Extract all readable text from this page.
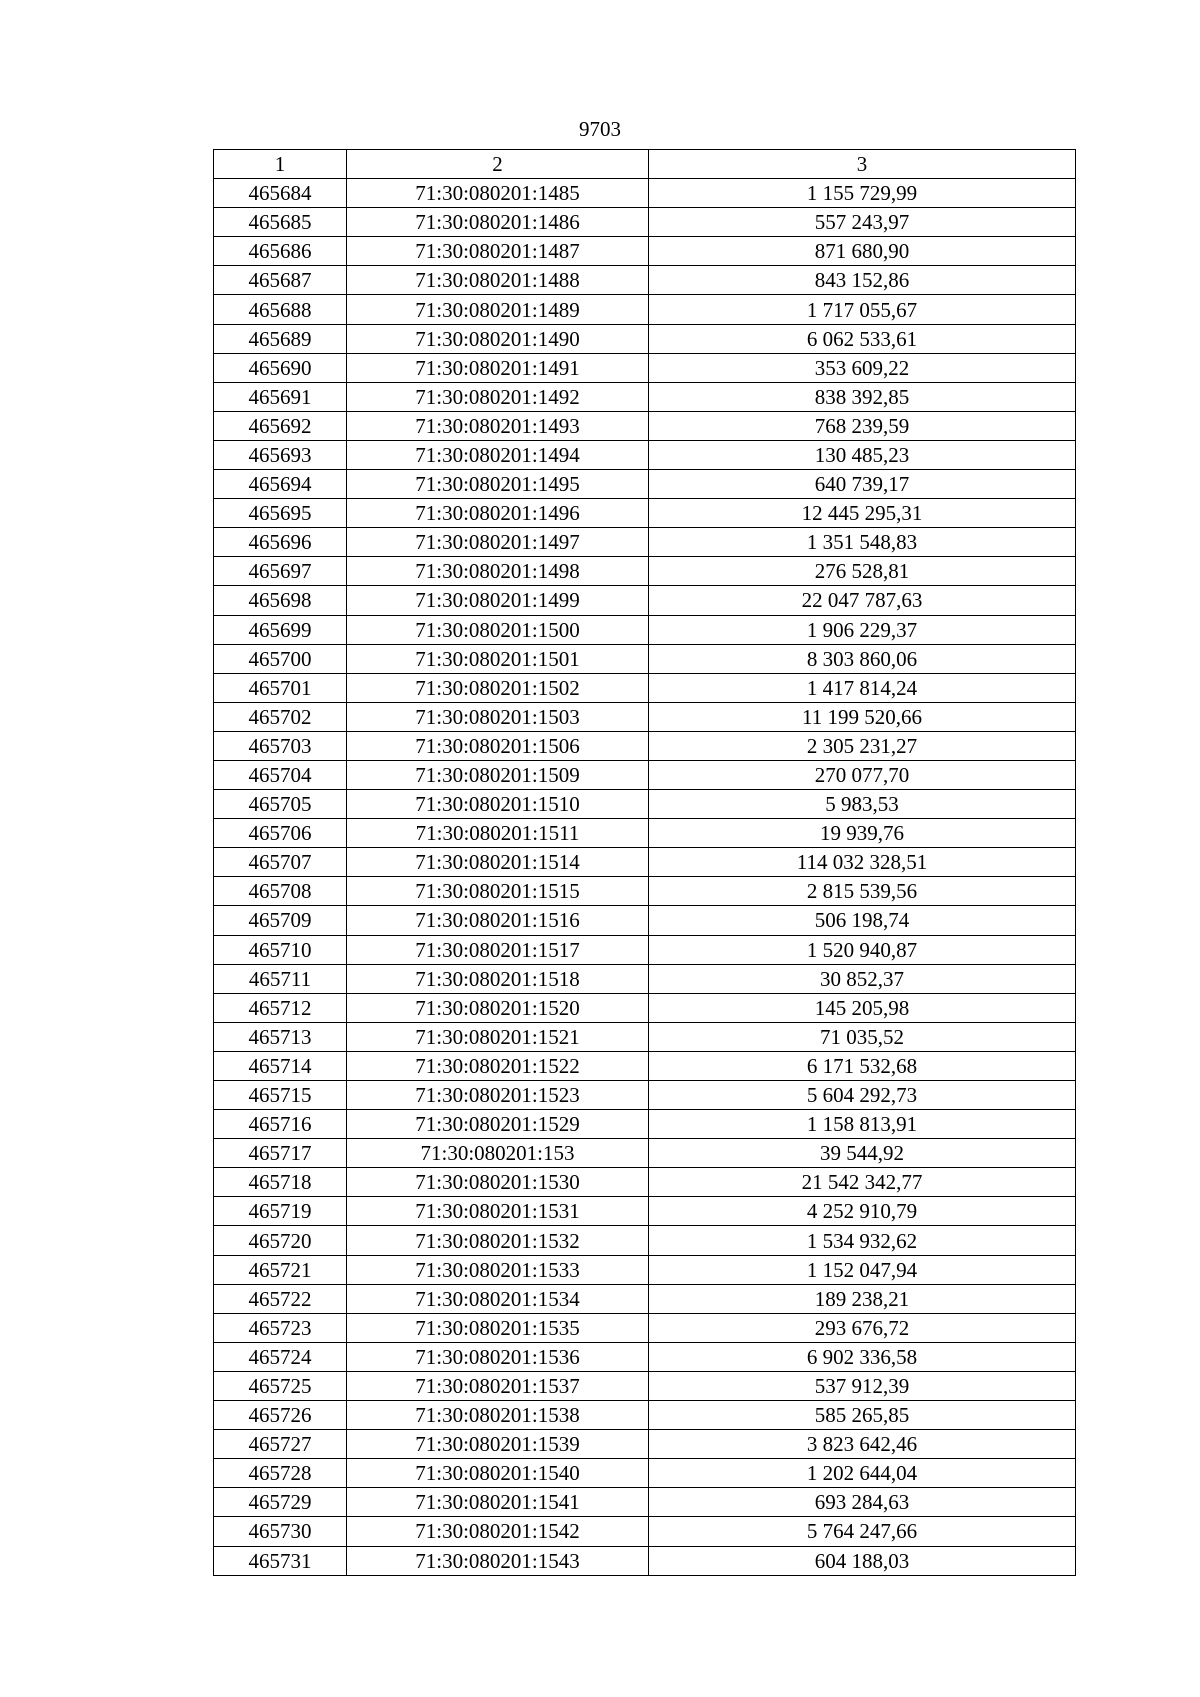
9703
1	2	3
465684	71:30:080201:1485	1 155 729,99
465685	71:30:080201:1486	557 243,97
465686	71:30:080201:1487	871 680,90
465687	71:30:080201:1488	843 152,86
465688	71:30:080201:1489	1 717 055,67
465689	71:30:080201:1490	6 062 533,61
465690	71:30:080201:1491	353 609,22
465691	71:30:080201:1492	838 392,85
465692	71:30:080201:1493	768 239,59
465693	71:30:080201:1494	130 485,23
465694	71:30:080201:1495	640 739,17
465695	71:30:080201:1496	12 445 295,31
465696	71:30:080201:1497	1 351 548,83
465697	71:30:080201:1498	276 528,81
465698	71:30:080201:1499	22 047 787,63
465699	71:30:080201:1500	1 906 229,37
465700	71:30:080201:1501	8 303 860,06
465701	71:30:080201:1502	1 417 814,24
465702	71:30:080201:1503	11 199 520,66
465703	71:30:080201:1506	2 305 231,27
465704	71:30:080201:1509	270 077,70
465705	71:30:080201:1510	5 983,53
465706	71:30:080201:1511	19 939,76
465707	71:30:080201:1514	114 032 328,51
465708	71:30:080201:1515	2 815 539,56
465709	71:30:080201:1516	506 198,74
465710	71:30:080201:1517	1 520 940,87
465711	71:30:080201:1518	30 852,37
465712	71:30:080201:1520	145 205,98
465713	71:30:080201:1521	71 035,52
465714	71:30:080201:1522	6 171 532,68
465715	71:30:080201:1523	5 604 292,73
465716	71:30:080201:1529	1 158 813,91
465717	71:30:080201:153	39 544,92
465718	71:30:080201:1530	21 542 342,77
465719	71:30:080201:1531	4 252 910,79
465720	71:30:080201:1532	1 534 932,62
465721	71:30:080201:1533	1 152 047,94
465722	71:30:080201:1534	189 238,21
465723	71:30:080201:1535	293 676,72
465724	71:30:080201:1536	6 902 336,58
465725	71:30:080201:1537	537 912,39
465726	71:30:080201:1538	585 265,85
465727	71:30:080201:1539	3 823 642,46
465728	71:30:080201:1540	1 202 644,04
465729	71:30:080201:1541	693 284,63
465730	71:30:080201:1542	5 764 247,66
465731	71:30:080201:1543	604 188,03
